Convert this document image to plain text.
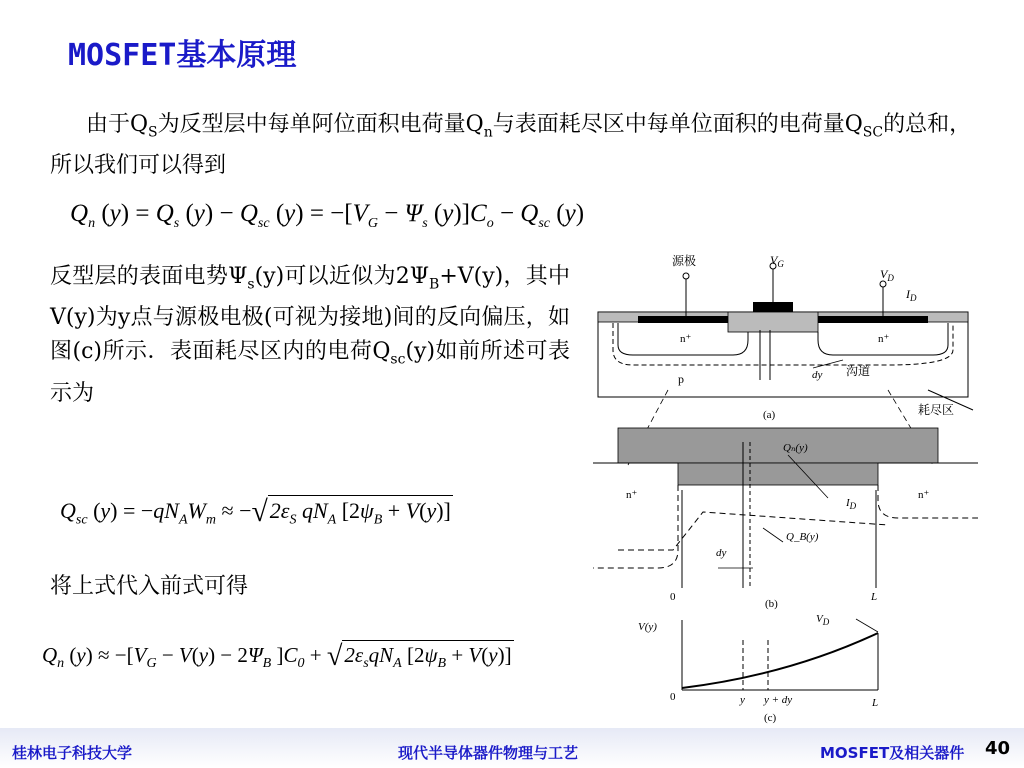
MOSFET基本原理
由于$Q_S$为反型层中每单阿位面积电荷量$Q_n$与表面耗尽区中每单位面积的电荷量$Q_{SC}$的总和，所以我们可以得到
$Q_n$ $(y) = Q_s$ $(y) - Q_{sc}$ $(y) = -[V_G - \Psi_s$ $(y)]C_o - Q_{sc}$ (y)
反型层的表面电势$\Psi_s(y)$可以近似为$2\Psi_B+V(y)$，其中V(y)为y点与源极电极(可视为接地)间的反向偏压，如图(c)所示．表面耗尽区内的电荷$Q_{sc}(y)$如前所述可表示为
$Q_{sc}$ $(y) = -qN_AW_m \approx -√2\varepsilon_S$ $qN_A$ $[2\psi_B + V(y)]$
将上式代入前式可得
$Q_n$ $(y) \approx -[V_G - V(y) - 2\Psi_B$ ]$C_0 + √2\varepsilon_sqN_A$ $[2\psi_B + V(y)]$
源极	$V_G$
$V_D$
$I_D$
n⁺	n⁺
沟道
p	dy
耗尽区
(a)
Qₙ(y)
n⁺	n⁺
$I_D$
Q_B(y)
dy
0	L
(b)
V(y)
$V_D$
0	y y + dy	L
(c)
桂林电子科技大学	现代半导体器件物理与工艺	MOSFET及相关器件 40
